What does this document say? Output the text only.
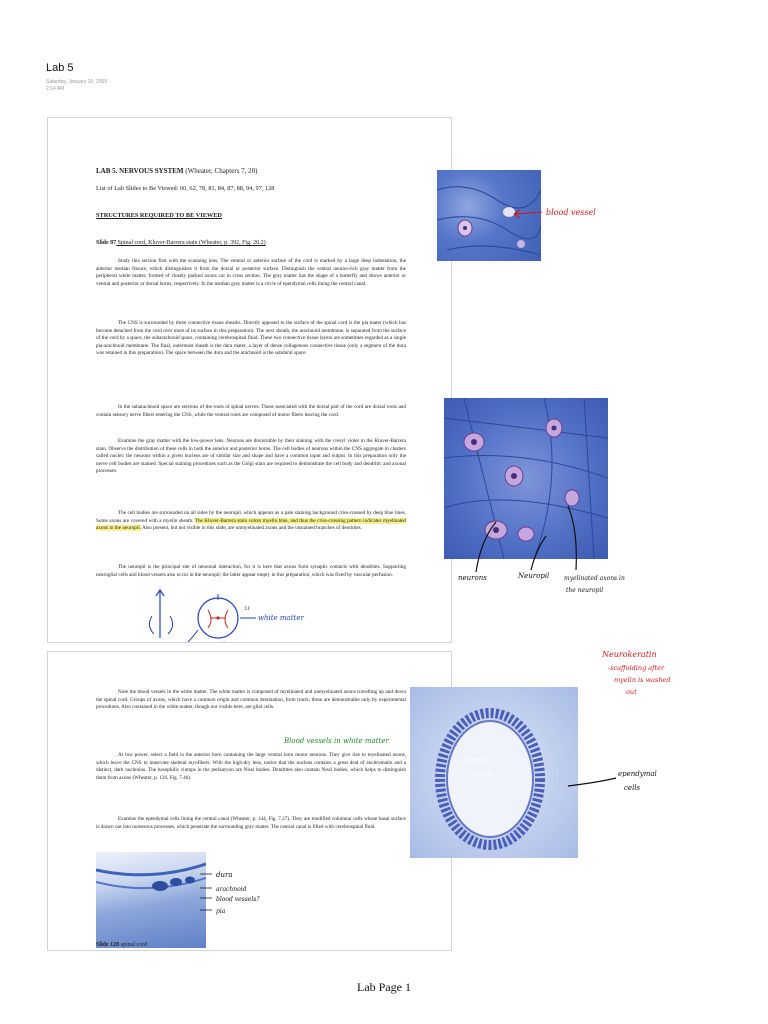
Lab 5
Saturday, January 10, 2009
2:14 AM
LAB 5. NERVOUS SYSTEM (Wheater, Chapters 7, 20)
List of Lab Slides to Be Viewed: 60, 62, 78, 81, 84, 87, 88, 94, 97, 128
STRUCTURES REQUIRED TO BE VIEWED
Slide 87 Spinal cord, Kluver-Barrera stain (Wheater, p. 392, Fig. 20.2)
Study this section first with the scanning lens. The ventral or anterior surface of the cord is marked by a large deep indentation, the anterior median fissure, which distinguishes it from the dorsal or posterior surface. Distinguish the central neuron-rich gray matter from the peripheral white matter, formed of closely packed axons cut in cross section. The gray matter has the shape of a butterfly and shows anterior or ventral and posterior or dorsal horns, respectively. In the median gray matter is a circle of ependymal cells lining the central canal.
The CNS is surrounded by three connective tissue sheaths. Directly apposed to the surface of the spinal cord is the pia mater (which has become detached from the cord over most of its surface in this preparation). The next sheath, the arachnoid membrane, is separated from the surface of the cord by a space, the subarachnoid space, containing cerebrospinal fluid. These two connective tissue layers are sometimes regarded as a single pia-arachnoid membrane. The final, outermost sheath is the dura mater, a layer of dense collagenous connective tissue (only a segment of the dura was retained in this preparation). The space between the dura and the arachnoid is the subdural space.
In the subarachnoid space are sections of the roots of spinal nerves. Those associated with the dorsal part of the cord are dorsal roots and contain sensory nerve fibers entering the CNS, while the ventral roots are composed of motor fibers leaving the cord.
Examine the gray matter with the low-power lens. Neurons are discernible by their staining with the cresyl violet in the Kluver-Barrera stain. Observe the distribution of these cells in both the anterior and posterior horns. The cell bodies of neurons within the CNS aggregate in clusters called nuclei; the neurons within a given nucleus are of similar size and shape and have a common input and output. In this preparation only the nerve cell bodies are stained. Special staining procedures such as the Golgi stain are required to demonstrate the cell body and dendritic and axonal processes.
The cell bodies are surrounded on all sides by the neuropil, which appears as a pale staining background criss-crossed by deep blue lines. Some axons are covered with a myelin sheath. The Kluver-Barrera stain colors myelin blue, and thus the criss-crossing pattern indicates myelinated axons in the neuropil. Also present, but not visible in this slide, are unmyelinated axons and the unstained branches of dendrites.
The neuropil is the principal site of neuronal interaction, for it is here that axons form synaptic contacts with dendrites. Supporting neuroglial cells and blood vessels also occur in the neuropil; the latter appear empty in this preparation, which was fixed by vascular perfusion.
51
white matter
grey matter
Note the blood vessels in the white matter. The white matter is composed of myelinated and unmyelinated axons travelling up and down the spinal cord. Groups of axons, which have a common origin and common destination, form tracts; these are demonstrable only by experimental procedures. Also contained in the white matter, though not visible here, are glial cells.
Blood vessels in white matter
At low power, select a field in the anterior horn containing the large ventral horn motor neurons. They give rise to myelinated axons, which leave the CNS to innervate skeletal myofibers. With the high-dry lens, notice that the nucleus contains a great deal of euchromatin and a distinct, dark nucleolus. The basophilic clumps in the perikaryon are Nissl bodies. Dendrites also contain Nissl bodies, which helps to distinguish them from axons (Wheater, p. 126, Fig. 7.4b).
Examine the ependymal cells lining the central canal (Wheater, p. 144, Fig. 7.27). They are modified columnar cells whose basal surface is drawn out into numerous processes, which penetrate the surrounding gray matter. The central canal is filled with cerebrospinal fluid.
dura
arachnoid
blood vessels?
pia
Slide 128 spinal cord
blood vessel
neurons	Neuropil myelinated axons in
the neuropil
Neurokeratin
-scaffolding after
myelin is washed
out
central
canal	ependymal
cells
Lab Page 1
